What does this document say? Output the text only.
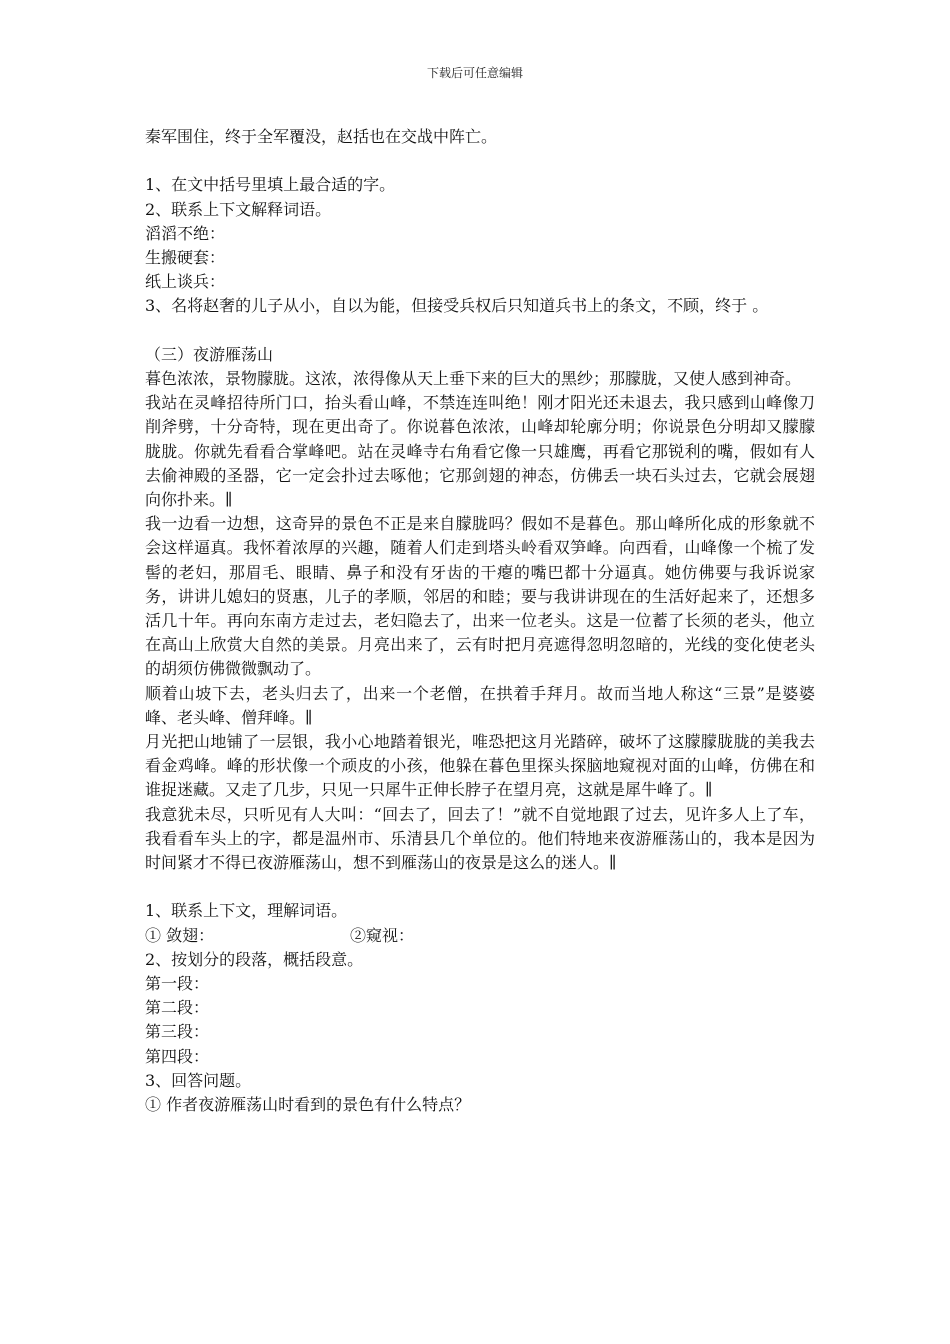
下载后可任意编辑
秦军围住，终于全军覆没，赵括也在交战中阵亡。
1、在文中括号里填上最合适的字。
2、联系上下文解释词语。
滔滔不绝：
生搬硬套：
纸上谈兵：
3、名将赵奢的儿子从小，自以为能，但接受兵权后只知道兵书上的条文，不顾，终于 。
（三）夜游雁荡山
暮色浓浓，景物朦胧。这浓，浓得像从天上垂下来的巨大的黑纱；那朦胧，又使人感到神奇。
我站在灵峰招待所门口，抬头看山峰，不禁连连叫绝！刚才阳光还未退去，我只感到山峰像刀削斧劈，十分奇特，现在更出奇了。你说暮色浓浓，山峰却轮廓分明；你说景色分明却又朦朦胧胧。你就先看看合掌峰吧。站在灵峰寺右角看它像一只雄鹰，再看它那锐利的嘴，假如有人去偷神殿的圣器，它一定会扑过去啄他；它那剑翅的神态，仿佛丢一块石头过去，它就会展翅向你扑来。∥
我一边看一边想，这奇异的景色不正是来自朦胧吗？假如不是暮色。那山峰所化成的形象就不会这样逼真。我怀着浓厚的兴趣，随着人们走到塔头岭看双笋峰。向西看，山峰像一个梳了发髻的老妇，那眉毛、眼睛、鼻子和没有牙齿的干瘪的嘴巴都十分逼真。她仿佛要与我诉说家务，讲讲儿媳妇的贤惠，儿子的孝顺，邻居的和睦；要与我讲讲现在的生活好起来了，还想多活几十年。再向东南方走过去，老妇隐去了，出来一位老头。这是一位蓄了长须的老头，他立在高山上欣赏大自然的美景。月亮出来了，云有时把月亮遮得忽明忽暗的，光线的变化使老头的胡须仿佛微微飘动了。
顺着山坡下去，老头归去了，出来一个老僧，在拱着手拜月。故而当地人称这“三景”是婆婆峰、老头峰、僧拜峰。∥
月光把山地铺了一层银，我小心地踏着银光，唯恐把这月光踏碎，破坏了这朦朦胧胧的美我去看金鸡峰。峰的形状像一个顽皮的小孩，他躲在暮色里探头探脑地窥视对面的山峰，仿佛在和谁捉迷藏。又走了几步，只见一只犀牛正伸长脖子在望月亮，这就是犀牛峰了。∥
我意犹未尽，只听见有人大叫：“回去了，回去了！”就不自觉地跟了过去，见许多人上了车，我看看车头上的字，都是温州市、乐清县几个单位的。他们特地来夜游雁荡山的，我本是因为时间紧才不得已夜游雁荡山，想不到雁荡山的夜景是这么的迷人。∥
1、联系上下文，理解词语。
① 敛翅：	②窥视：
2、按划分的段落，概括段意。
第一段：
第二段：
第三段：
第四段：
3、回答问题。
① 作者夜游雁荡山时看到的景色有什么特点？
